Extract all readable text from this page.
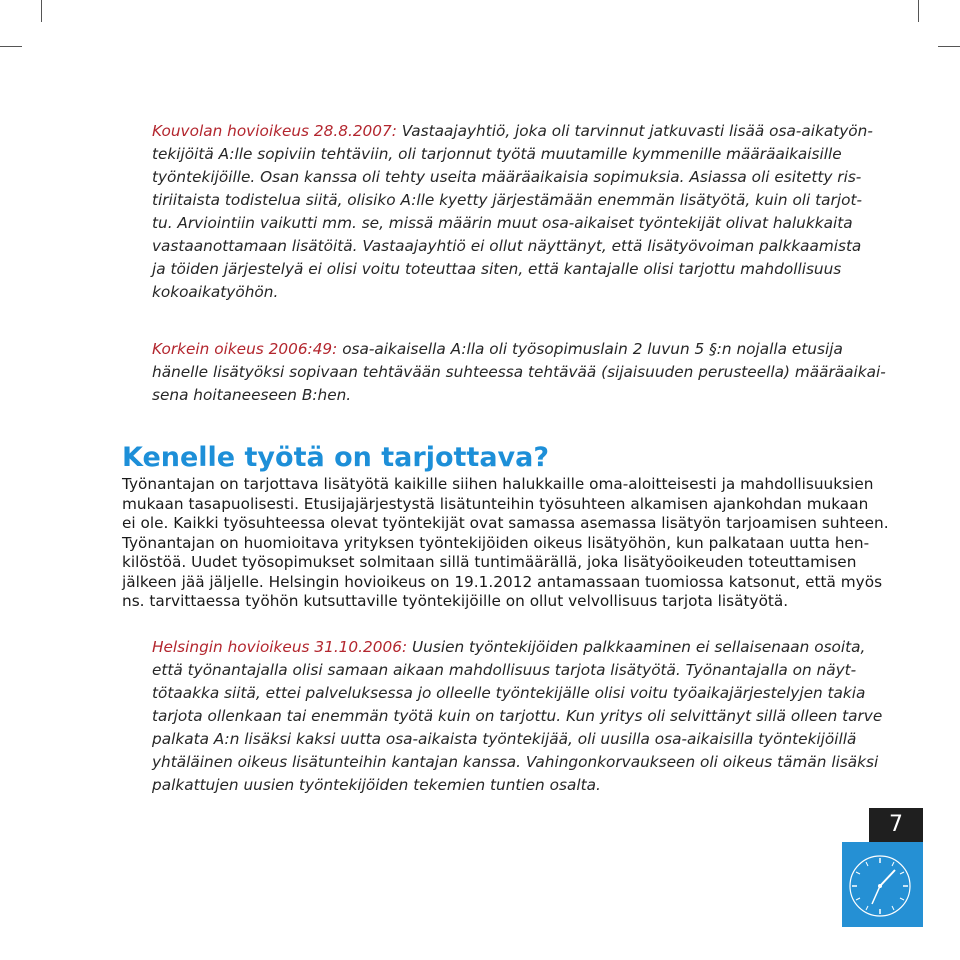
Kouvolan hovioikeus 28.8.2007: Vastaajayhtiö, joka oli tarvinnut jatkuvasti lisää osa-aikatyön-
tekijöitä A:lle sopiviin tehtäviin, oli tarjonnut työtä muutamille kymmenille määräaikaisille
työntekijöille. Osan kanssa oli tehty useita määräaikaisia sopimuksia. Asiassa oli esitetty ris-
tiriitaista todistelua siitä, olisiko A:lle kyetty järjestämään enemmän lisätyötä, kuin oli tarjot-
tu. Arviointiin vaikutti mm. se, missä määrin muut osa-aikaiset työntekijät olivat halukkaita
vastaanottamaan lisätöitä. Vastaajayhtiö ei ollut näyttänyt, että lisätyövoiman palkkaamista
ja töiden järjestelyä ei olisi voitu toteuttaa siten, että kantajalle olisi tarjottu mahdollisuus
kokoaikatyöhön.

Korkein oikeus 2006:49: osa-aikaisella A:lla oli työsopimuslain 2 luvun 5 §:n nojalla etusija
hänelle lisätyöksi sopivaan tehtävään suhteessa tehtävää (sijaisuuden perusteella) määräaikai-
sena hoitaneeseen B:hen.

Kenelle työtä on tarjottava?

Työnantajan on tarjottava lisätyötä kaikille siihen halukkaille oma-aloitteisesti ja mahdollisuuksien
mukaan tasapuolisesti. Etusijajärjestystä lisätunteihin työsuhteen alkamisen ajankohdan mukaan
ei ole. Kaikki työsuhteessa olevat työntekijät ovat samassa asemassa lisätyön tarjoamisen suhteen.
Työnantajan on huomioitava yrityksen työntekijöiden oikeus lisätyöhön, kun palkataan uutta hen-
kilöstöä. Uudet työsopimukset solmitaan sillä tuntimäärällä, joka lisätyöoikeuden toteuttamisen
jälkeen jää jäljelle. Helsingin hovioikeus on 19.1.2012 antamassaan tuomiossa katsonut, että myös
ns. tarvittaessa työhön kutsuttaville työntekijöille on ollut velvollisuus tarjota lisätyötä.

Helsingin hovioikeus 31.10.2006: Uusien työntekijöiden palkkaaminen ei sellaisenaan osoita,
että työnantajalla olisi samaan aikaan mahdollisuus tarjota lisätyötä. Työnantajalla on näyt-
tötaakka siitä, ettei palveluksessa jo olleelle työntekijälle olisi voitu työaikajärjestelyjen takia
tarjota ollenkaan tai enemmän työtä kuin on tarjottu. Kun yritys oli selvittänyt sillä olleen tarve
palkata A:n lisäksi kaksi uutta osa-aikaista työntekijää, oli uusilla osa-aikaisilla työntekijöillä
yhtäläinen oikeus lisätunteihin kantajan kanssa. Vahingonkorvaukseen oli oikeus tämän lisäksi
palkattujen uusien työntekijöiden tekemien tuntien osalta.

7
